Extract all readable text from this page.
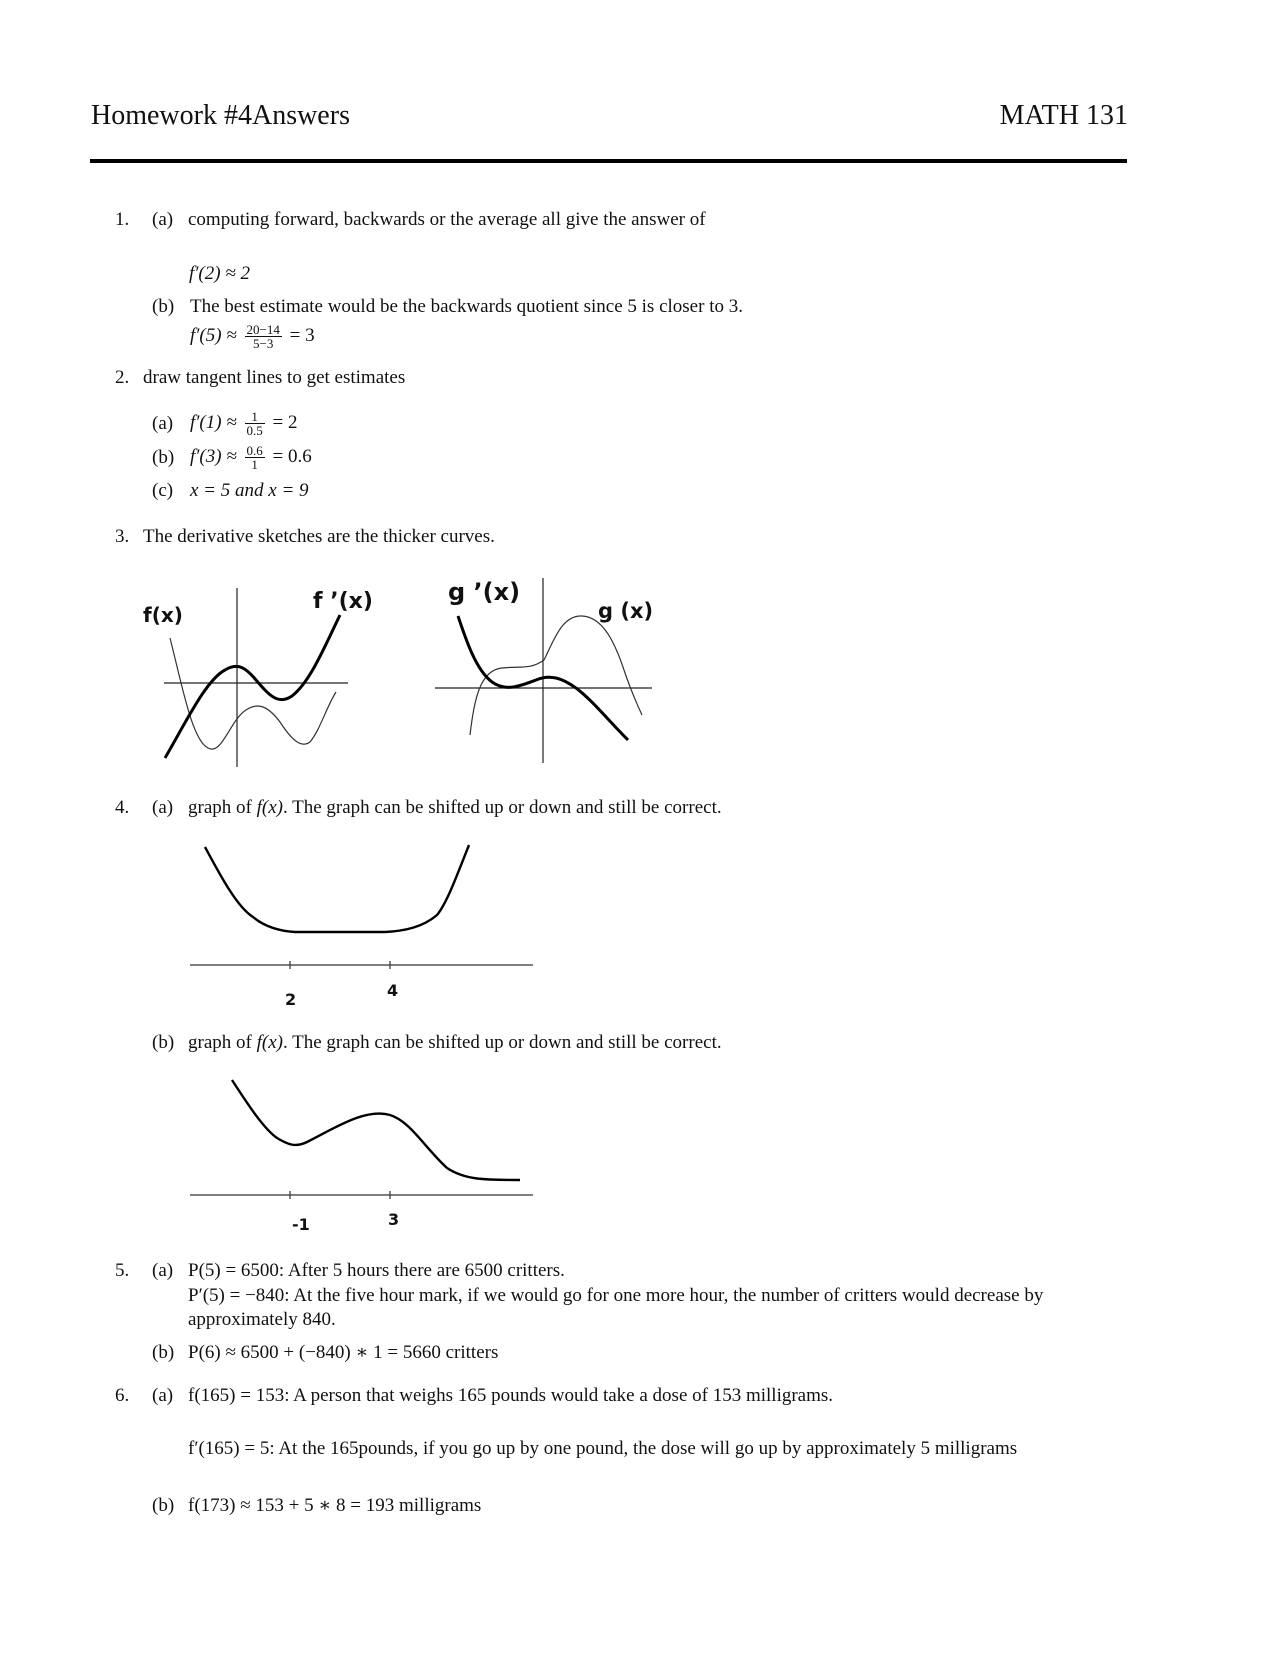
Homework #4Answers	MATH 131
1. (a) computing forward, backwards or the average all give the answer of
f′(2) ≈ 2
(b) The best estimate would be the backwards quotient since 5 is closer to 3.
$f'(5) \approx \frac{20-14}{5-3} = 3$
2. draw tangent lines to get estimates
(a) $f'(1) \approx \frac{1}{0.5} = 2$
(b) $f'(3) \approx \frac{0.6}{1} = 0.6$
(c) x = 5 and x = 9
3. The derivative sketches are the thicker curves.
f(x)
f ’(x)	g ’(x)
g (x)
4. (a) graph of f(x). The graph can be shifted up or down and still be correct.
2	4
(b) graph of f(x). The graph can be shifted up or down and still be correct.
-1	3
5. (a) P(5) = 6500: After 5 hours there are 6500 critters.
P′(5) = −840: At the five hour mark, if we would go for one more hour, the number of critters would decrease by approximately 840.
(b) P(6) ≈ 6500 + (−840) ∗ 1 = 5660 critters
6. (a) f(165) = 153: A person that weighs 165 pounds would take a dose of 153 milligrams.
f′(165) = 5: At the 165pounds, if you go up by one pound, the dose will go up by approximately 5 milligrams
(b) f(173) ≈ 153 + 5 ∗ 8 = 193 milligrams
